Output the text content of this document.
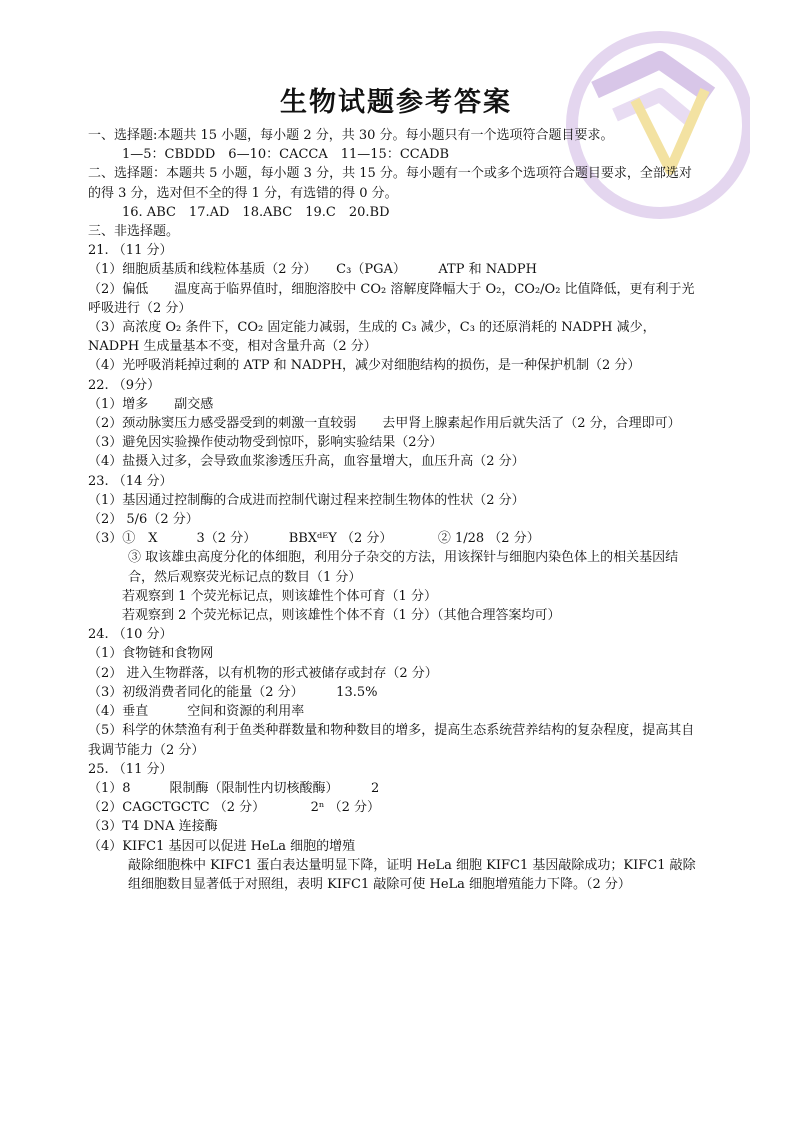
生物试题参考答案

一、选择题:本题共 15 小题，每小题 2 分，共 30 分。每小题只有一个选项符合题目要求。

1—5：CBDDD　6—10：CACCA　11—15：CCADB

二、选择题：本题共 5 小题，每小题 3 分，共 15 分。每小题有一个或多个选项符合题目要求，全部选对的得 3 分，选对但不全的得 1 分，有选错的得 0 分。

16. ABC　17.AD　18.ABC　19.C　20.BD

三、非选择题。

21. （11 分）

（1）细胞质基质和线粒体基质（2 分）　　C₃（PGA）　　　ATP 和 NADPH

（2）偏低　　温度高于临界值时，细胞溶胶中 CO₂ 溶解度降幅大于 O₂，CO₂/O₂ 比值降低，更有利于光呼吸进行（2 分）

（3）高浓度 O₂ 条件下，CO₂ 固定能力减弱，生成的 C₃ 减少，C₃ 的还原消耗的 NADPH 减少，NADPH 生成量基本不变，相对含量升高（2 分）

（4）光呼吸消耗掉过剩的 ATP 和 NADPH，减少对细胞结构的损伤，是一种保护机制（2 分）

22. （9分）

（1）增多　　副交感

（2）颈动脉窦压力感受器受到的刺激一直较弱　　去甲肾上腺素起作用后就失活了（2 分，合理即可）

（3）避免因实验操作使动物受到惊吓，影响实验结果（2分）

（4）盐摄入过多，会导致血浆渗透压升高，血容量增大，血压升高（2 分）

23. （14 分）

（1）基因通过控制酶的合成进而控制代谢过程来控制生物体的性状（2 分）

（2） 5/6（2 分）

（3）①　X　　　3（2 分）　　　BBXᵈᴱY （2 分）　　　　② 1/28 （2 分）

③ 取该雄虫高度分化的体细胞，利用分子杂交的方法，用该探针与细胞内染色体上的相关基因结合，然后观察荧光标记点的数目（1 分）

若观察到 1 个荧光标记点，则该雄性个体可育（1 分）

若观察到 2 个荧光标记点，则该雄性个体不育（1 分）（其他合理答案均可）

24. （10 分）

（1）食物链和食物网

（2） 进入生物群落，以有机物的形式被储存或封存（2 分）

（3）初级消费者同化的能量（2 分）　　　13.5%

（4）垂直　　　空间和资源的利用率

（5）科学的休禁渔有利于鱼类种群数量和物种数目的增多，提高生态系统营养结构的复杂程度，提高其自我调节能力（2 分）

25. （11 分）

（1）8　　　限制酶（限制性内切核酸酶）　　　2

（2）CAGCTGCTC （2 分）　　　　2ⁿ （2 分）

（3）T4 DNA 连接酶

（4）KIFC1 基因可以促进 HeLa 细胞的增殖

敲除细胞株中 KIFC1 蛋白表达量明显下降，证明 HeLa 细胞 KIFC1 基因敲除成功；KIFC1 敲除组细胞数目显著低于对照组，表明 KIFC1 敲除可使 HeLa 细胞增殖能力下降。（2 分）
